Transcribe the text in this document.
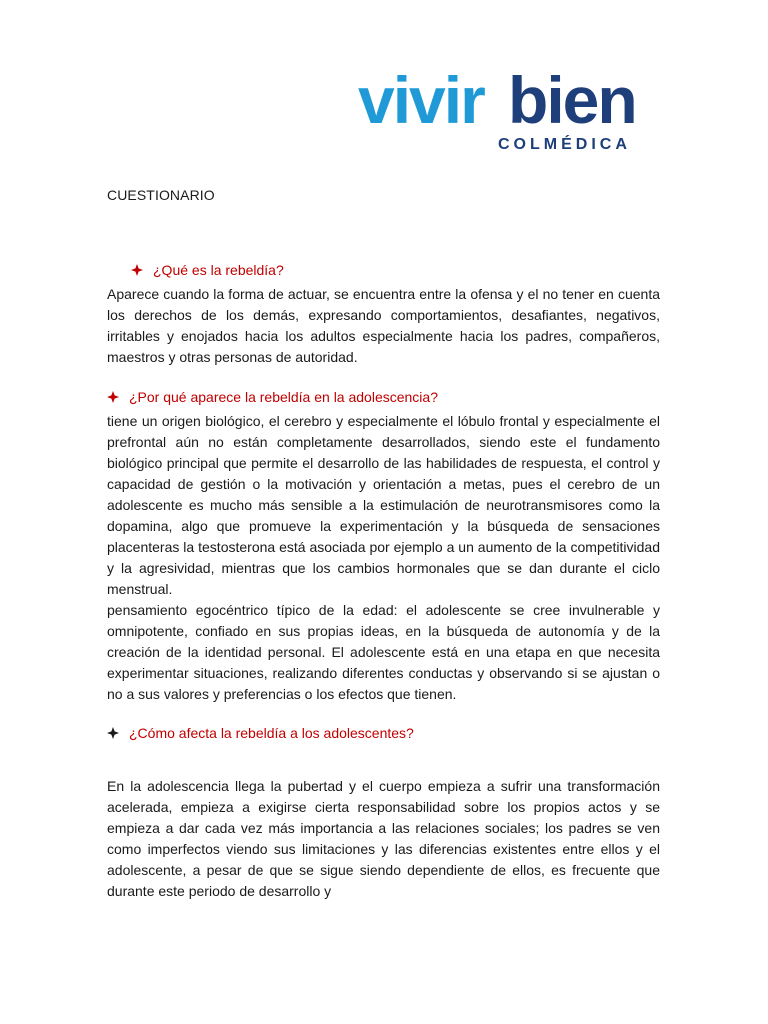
vivir bien
COLMÉDICA
CUESTIONARIO
¿Qué es la rebeldía?
Aparece cuando la forma de actuar, se encuentra entre la ofensa y el no tener en cuenta los derechos de los demás, expresando comportamientos, desafiantes, negativos, irritables y enojados hacia los adultos especialmente hacia los padres, compañeros, maestros y otras personas de autoridad.
¿Por qué aparece la rebeldía en la adolescencia?
tiene un origen biológico, el cerebro y especialmente el lóbulo frontal y especialmente el prefrontal aún no están completamente desarrollados, siendo este el fundamento biológico principal que permite el desarrollo de las habilidades de respuesta, el control y capacidad de gestión o la motivación y orientación a metas, pues el cerebro de un adolescente es mucho más sensible a la estimulación de neurotransmisores como la dopamina, algo que promueve la experimentación y la búsqueda de sensaciones placenteras la testosterona está asociada por ejemplo a un aumento de la competitividad y la agresividad, mientras que los cambios hormonales que se dan durante el ciclo menstrual.
pensamiento egocéntrico típico de la edad: el adolescente se cree invulnerable y omnipotente, confiado en sus propias ideas, en la búsqueda de autonomía y de la creación de la identidad personal. El adolescente está en una etapa en que necesita experimentar situaciones, realizando diferentes conductas y observando si se ajustan o no a sus valores y preferencias o los efectos que tienen.
¿Cómo afecta la rebeldía a los adolescentes?
En la adolescencia llega la pubertad y el cuerpo empieza a sufrir una transformación acelerada, empieza a exigirse cierta responsabilidad sobre los propios actos y se empieza a dar cada vez más importancia a las relaciones sociales; los padres se ven como imperfectos viendo sus limitaciones y las diferencias existentes entre ellos y el adolescente, a pesar de que se sigue siendo dependiente de ellos, es frecuente que durante este periodo de desarrollo y
